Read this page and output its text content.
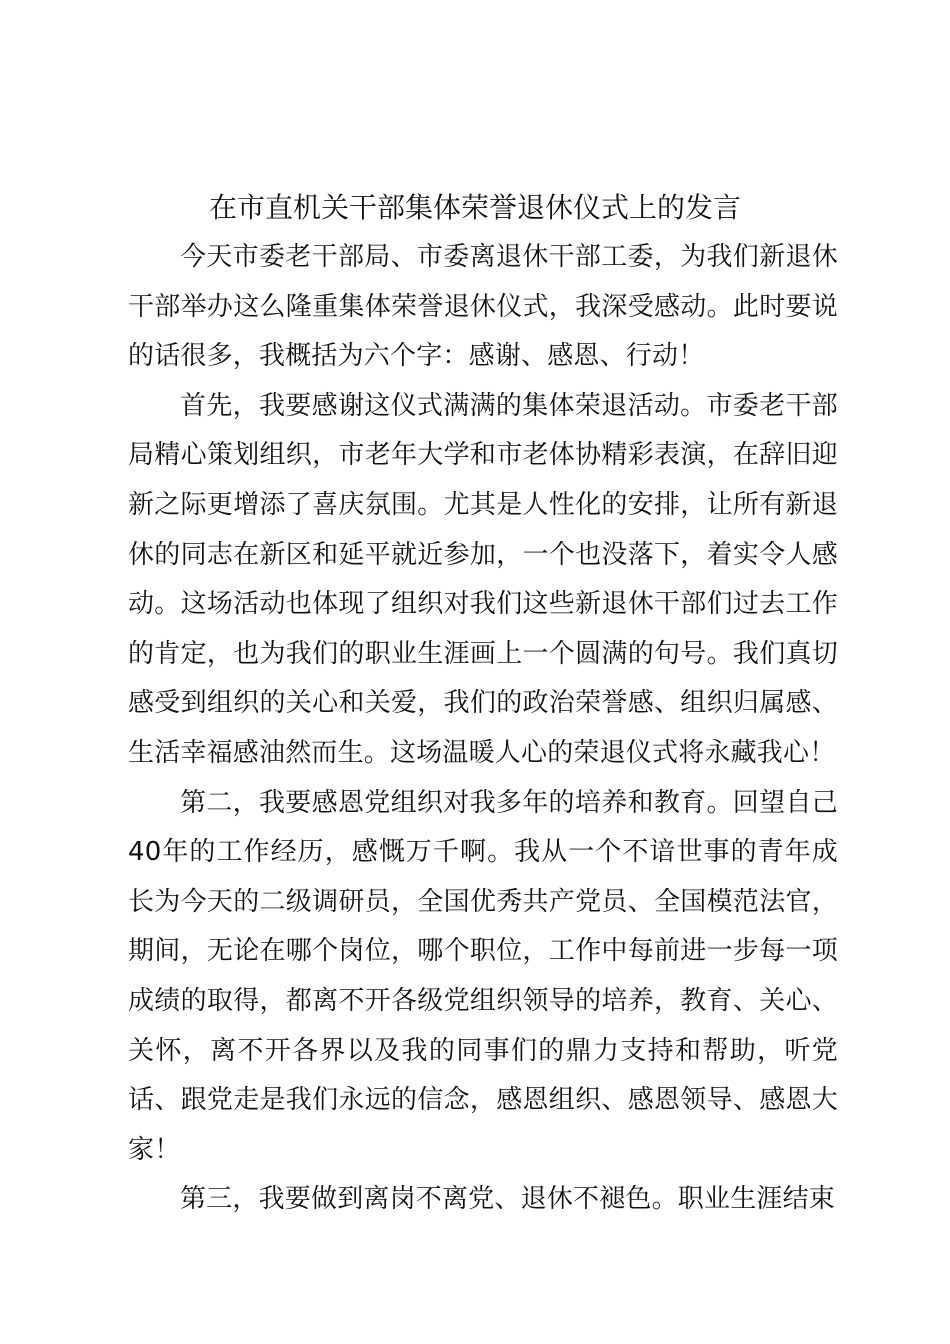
在市直机关干部集体荣誉退休仪式上的发言

今天市委老干部局、市委离退休干部工委，为我们新退休干部举办这么隆重集体荣誉退休仪式，我深受感动。此时要说的话很多，我概括为六个字：感谢、感恩、行动！

首先，我要感谢这仪式满满的集体荣退活动。市委老干部局精心策划组织，市老年大学和市老体协精彩表演，在辞旧迎新之际更增添了喜庆氛围。尤其是人性化的安排，让所有新退休的同志在新区和延平就近参加，一个也没落下，着实令人感动。这场活动也体现了组织对我们这些新退休干部们过去工作的肯定，也为我们的职业生涯画上一个圆满的句号。我们真切感受到组织的关心和关爱，我们的政治荣誉感、组织归属感、生活幸福感油然而生。这场温暖人心的荣退仪式将永藏我心！

第二，我要感恩党组织对我多年的培养和教育。回望自己40年的工作经历，感慨万千啊。我从一个不谙世事的青年成长为今天的二级调研员，全国优秀共产党员、全国模范法官，期间，无论在哪个岗位，哪个职位，工作中每前进一步每一项成绩的取得，都离不开各级党组织领导的培养，教育、关心、关怀，离不开各界以及我的同事们的鼎力支持和帮助，听党话、跟党走是我们永远的信念，感恩组织、感恩领导、感恩大家！

第三，我要做到离岗不离党、退休不褪色。职业生涯结束
